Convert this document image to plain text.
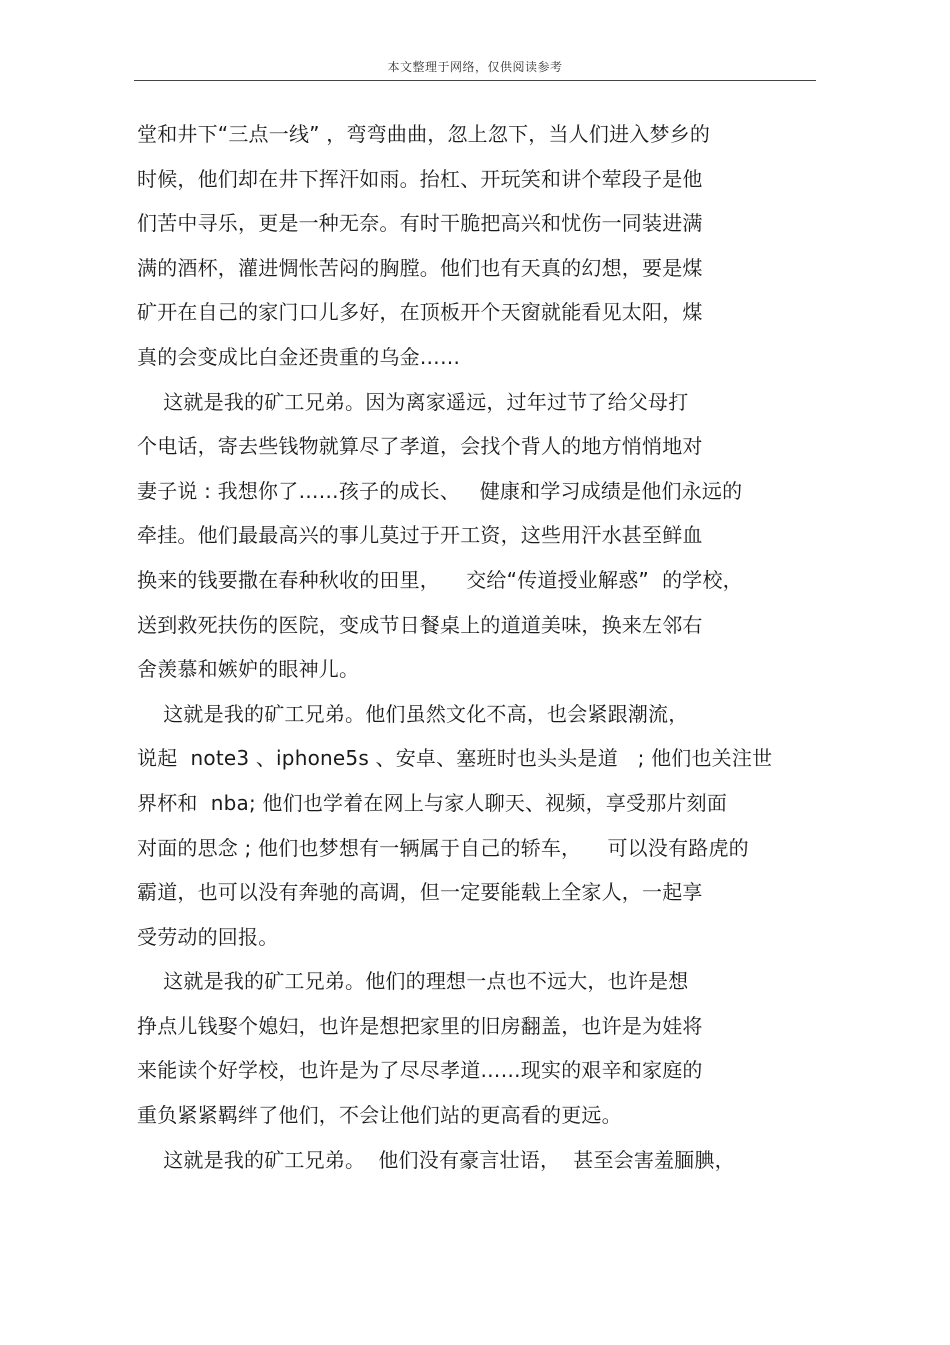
本文整理于网络，仅供阅读参考
堂和井下“三点一线” ，弯弯曲曲，忽上忽下，当人们进入梦乡的
时候，他们却在井下挥汗如雨。抬杠、开玩笑和讲个荤段子是他
们苦中寻乐，更是一种无奈。有时干脆把高兴和忧伤一同装进满
满的酒杯，灌进惆怅苦闷的胸膛。他们也有天真的幻想，要是煤
矿开在自己的家门口儿多好，在顶板开个天窗就能看见太阳，煤
真的会变成比白金还贵重的乌金……
这就是我的矿工兄弟。因为离家遥远，过年过节了给父母打
个电话，寄去些钱物就算尽了孝道，会找个背人的地方悄悄地对
妻子说 : 我想你了……孩子的成长、   健康和学习成绩是他们永远的
牵挂。他们最最高兴的事儿莫过于开工资，这些用汗水甚至鲜血
换来的钱要撒在春种秋收的田里，    交给“传道授业解惑”  的学校，
送到救死扶伤的医院，变成节日餐桌上的道道美味，换来左邻右
舍羡慕和嫉妒的眼神儿。
这就是我的矿工兄弟。他们虽然文化不高，也会紧跟潮流，
说起  note3 、iphone5s 、安卓、塞班时也头头是道   ; 他们也关注世
界杯和  nba; 他们也学着在网上与家人聊天、视频，享受那片刻面
对面的思念 ; 他们也梦想有一辆属于自己的轿车，    可以没有路虎的
霸道，也可以没有奔驰的高调，但一定要能载上全家人，一起享
受劳动的回报。
这就是我的矿工兄弟。他们的理想一点也不远大，也许是想
挣点儿钱娶个媳妇，也许是想把家里的旧房翻盖，也许是为娃将
来能读个好学校，也许是为了尽尽孝道……现实的艰辛和家庭的
重负紧紧羁绊了他们，不会让他们站的更高看的更远。
这就是我的矿工兄弟。  他们没有豪言壮语，  甚至会害羞腼腆，
